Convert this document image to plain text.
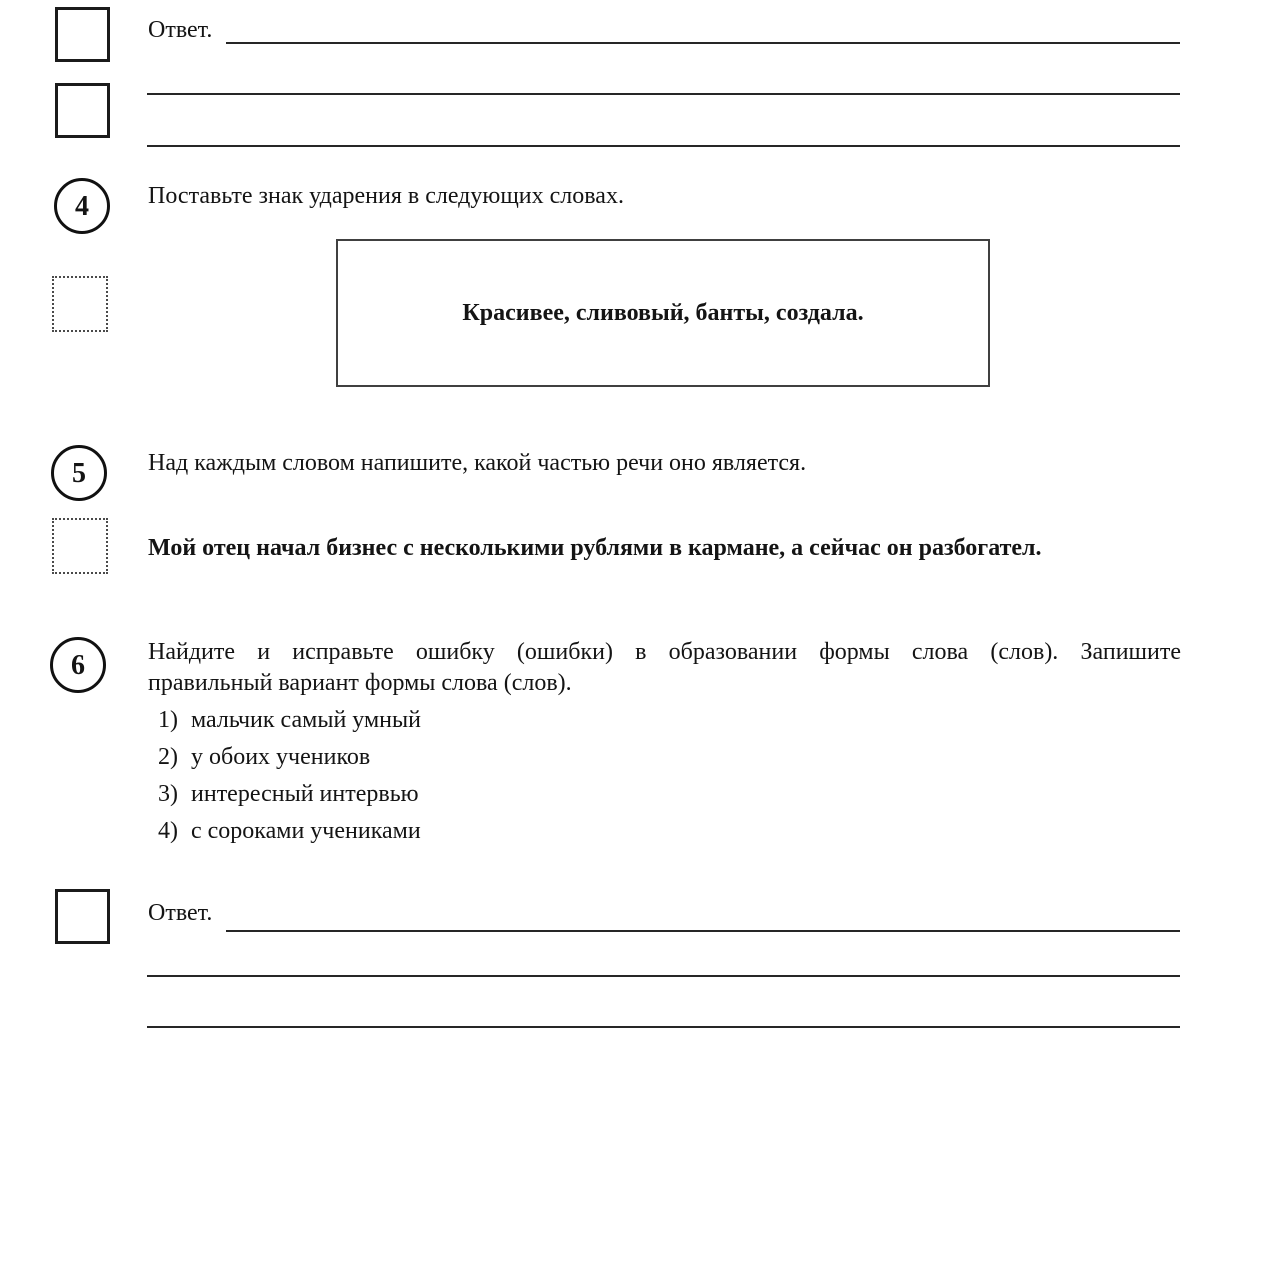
Ответ.
4 Поставьте знак ударения в следующих словах.
Красивее, сливовый, банты, создала.
5	Над каждым словом напишите, какой частью речи оно является.
Мой отец начал бизнес с несколькими рублями в кармане, а сейчас он разбогател.
6	Найдите и исправьте ошибку (ошибки) в образовании формы слова (слов). Запишите
правильный вариант формы слова (слов).
1) мальчик самый умный
2) у обоих учеников
3) интересный интервью
4) с сороками учениками
Ответ.
